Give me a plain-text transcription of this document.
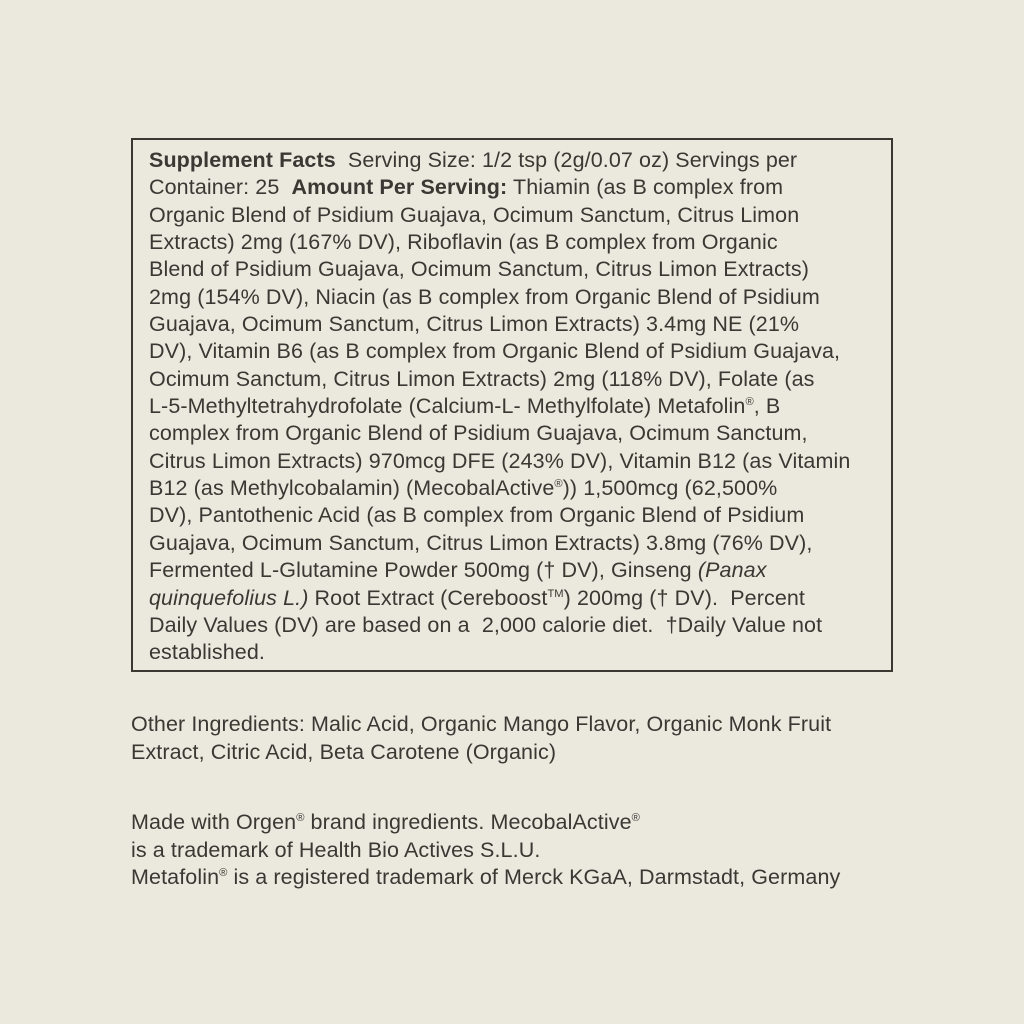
Supplement Facts  Serving Size: 1/2 tsp (2g/0.07 oz) Servings per
Container: 25  Amount Per Serving: Thiamin (as B complex from
Organic Blend of Psidium Guajava, Ocimum Sanctum, Citrus Limon
Extracts) 2mg (167% DV), Riboflavin (as B complex from Organic
Blend of Psidium Guajava, Ocimum Sanctum, Citrus Limon Extracts)
2mg (154% DV), Niacin (as B complex from Organic Blend of Psidium
Guajava, Ocimum Sanctum, Citrus Limon Extracts) 3.4mg NE (21%
DV), Vitamin B6 (as B complex from Organic Blend of Psidium Guajava,
Ocimum Sanctum, Citrus Limon Extracts) 2mg (118% DV), Folate (as
L-5-Methyltetrahydrofolate (Calcium-L- Methylfolate) Metafolin®, B
complex from Organic Blend of Psidium Guajava, Ocimum Sanctum,
Citrus Limon Extracts) 970mcg DFE (243% DV), Vitamin B12 (as Vitamin
B12 (as Methylcobalamin) (MecobalActive®)) 1,500mcg (62,500%
DV), Pantothenic Acid (as B complex from Organic Blend of Psidium
Guajava, Ocimum Sanctum, Citrus Limon Extracts) 3.8mg (76% DV),
Fermented L-Glutamine Powder 500mg († DV), Ginseng (Panax
quinquefolius L.) Root Extract (Cereboost™) 200mg († DV).  Percent
Daily Values (DV) are based on a  2,000 calorie diet.  †Daily Value not
established.
Other Ingredients: Malic Acid, Organic Mango Flavor, Organic Monk Fruit
Extract, Citric Acid, Beta Carotene (Organic)
Made with Orgen® brand ingredients. MecobalActive®
is a trademark of Health Bio Actives S.L.U.
Metafolin® is a registered trademark of Merck KGaA, Darmstadt, Germany
